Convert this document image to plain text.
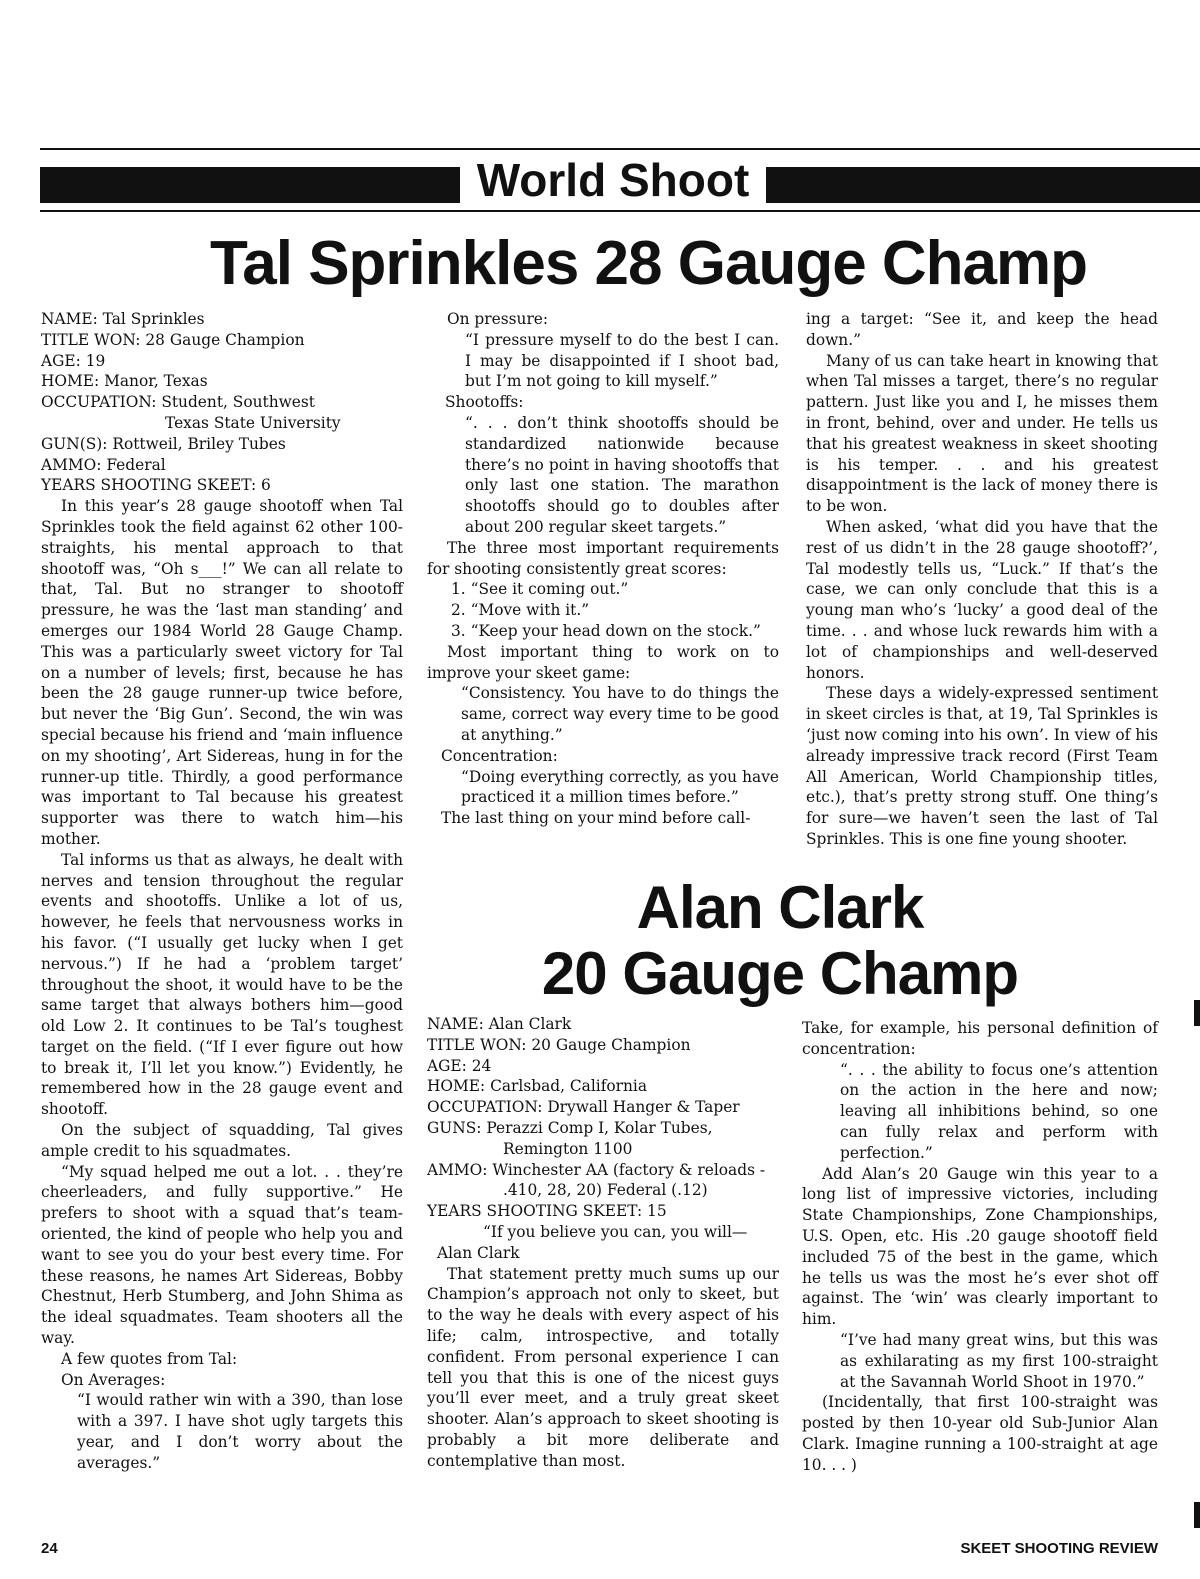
World Shoot
Tal Sprinkles 28 Gauge Champ

NAME: Tal Sprinkles

TITLE WON: 28 Gauge Champion

AGE: 19

HOME: Manor, Texas

OCCUPATION: Student, Southwest

Texas State University

GUN(S): Rottweil, Briley Tubes

AMMO: Federal

YEARS SHOOTING SKEET: 6

In this year’s 28 gauge shootoff when Tal Sprinkles took the field against 62 other 100-straights, his mental approach to that shootoff was, “Oh s___!” We can all relate to that, Tal. But no stranger to shootoff pressure, he was the ‘last man standing’ and emerges our 1984 World 28 Gauge Champ. This was a particularly sweet victory for Tal on a number of levels; first, because he has been the 28 gauge runner-up twice before, but never the ‘Big Gun’. Second, the win was special because his friend and ‘main influence on my shooting’, Art Sidereas, hung in for the runner-up title. Thirdly, a good performance was important to Tal because his greatest supporter was there to watch him—his mother.

Tal informs us that as always, he dealt with nerves and tension throughout the regular events and shootoffs. Unlike a lot of us, however, he feels that nervousness works in his favor. (“I usually get lucky when I get nervous.”) If he had a ‘problem target’ throughout the shoot, it would have to be the same target that always bothers him—good old Low 2. It continues to be Tal’s toughest target on the field. (“If I ever figure out how to break it, I’ll let you know.”) Evidently, he remembered how in the 28 gauge event and shootoff.

On the subject of squadding, Tal gives ample credit to his squadmates.

“My squad helped me out a lot. . . they’re cheerleaders, and fully supportive.” He prefers to shoot with a squad that’s team-oriented, the kind of people who help you and want to see you do your best every time. For these reasons, he names Art Sidereas, Bobby Chestnut, Herb Stumberg, and John Shima as the ideal squadmates. Team shooters all the way.

A few quotes from Tal:

On Averages:

“I would rather win with a 390, than lose with a 397. I have shot ugly targets this year, and I don’t worry about the averages.”

On pressure:

“I pressure myself to do the best I can. I may be disappointed if I shoot bad, but I’m not going to kill myself.”

Shootoffs:

“. . . don’t think shootoffs should be standardized nationwide because there’s no point in having shootoffs that only last one station. The marathon shootoffs should go to doubles after about 200 regular skeet targets.”

The three most important requirements for shooting consistently great scores:

1. “See it coming out.”

2. “Move with it.”

3. “Keep your head down on the stock.”

Most important thing to work on to improve your skeet game:

“Consistency. You have to do things the same, correct way every time to be good at anything.”

Concentration:

“Doing everything correctly, as you have practiced it a million times before.”

The last thing on your mind before call-

ing a target: “See it, and keep the head down.”

Many of us can take heart in knowing that when Tal misses a target, there’s no regular pattern. Just like you and I, he misses them in front, behind, over and under. He tells us that his greatest weakness in skeet shooting is his temper. . . and his greatest disappointment is the lack of money there is to be won.

When asked, ‘what did you have that the rest of us didn’t in the 28 gauge shootoff?’, Tal modestly tells us, “Luck.” If that’s the case, we can only conclude that this is a young man who’s ‘lucky’ a good deal of the time. . . and whose luck rewards him with a lot of championships and well-deserved honors.

These days a widely-expressed sentiment in skeet circles is that, at 19, Tal Sprinkles is ‘just now coming into his own’. In view of his already impressive track record (First Team All American, World Championship titles, etc.), that’s pretty strong stuff. One thing’s for sure—we haven’t seen the last of Tal Sprinkles. This is one fine young shooter.

Alan Clark
20 Gauge Champ

NAME: Alan Clark

TITLE WON: 20 Gauge Champion

AGE: 24

HOME: Carlsbad, California

OCCUPATION: Drywall Hanger & Taper

GUNS: Perazzi Comp I, Kolar Tubes, Remington 1100

AMMO: Winchester AA (factory & reloads - .410, 28, 20) Federal (.12)

YEARS SHOOTING SKEET: 15

“If you believe you can, you will—Alan Clark

That statement pretty much sums up our Champion’s approach not only to skeet, but to the way he deals with every aspect of his life; calm, introspective, and totally confident. From personal experience I can tell you that this is one of the nicest guys you’ll ever meet, and a truly great skeet shooter. Alan’s approach to skeet shooting is probably a bit more deliberate and contemplative than most.

Take, for example, his personal definition of concentration:

“. . . the ability to focus one’s attention on the action in the here and now; leaving all inhibitions behind, so one can fully relax and perform with perfection.”

Add Alan’s 20 Gauge win this year to a long list of impressive victories, including State Championships, Zone Championships, U.S. Open, etc. His .20 gauge shootoff field included 75 of the best in the game, which he tells us was the most he’s ever shot off against. The ‘win’ was clearly important to him.

“I’ve had many great wins, but this was as exhilarating as my first 100-straight at the Savannah World Shoot in 1970.”

(Incidentally, that first 100-straight was posted by then 10-year old Sub-Junior Alan Clark. Imagine running a 100-straight at age 10. . . )

24	SKEET SHOOTING REVIEW
